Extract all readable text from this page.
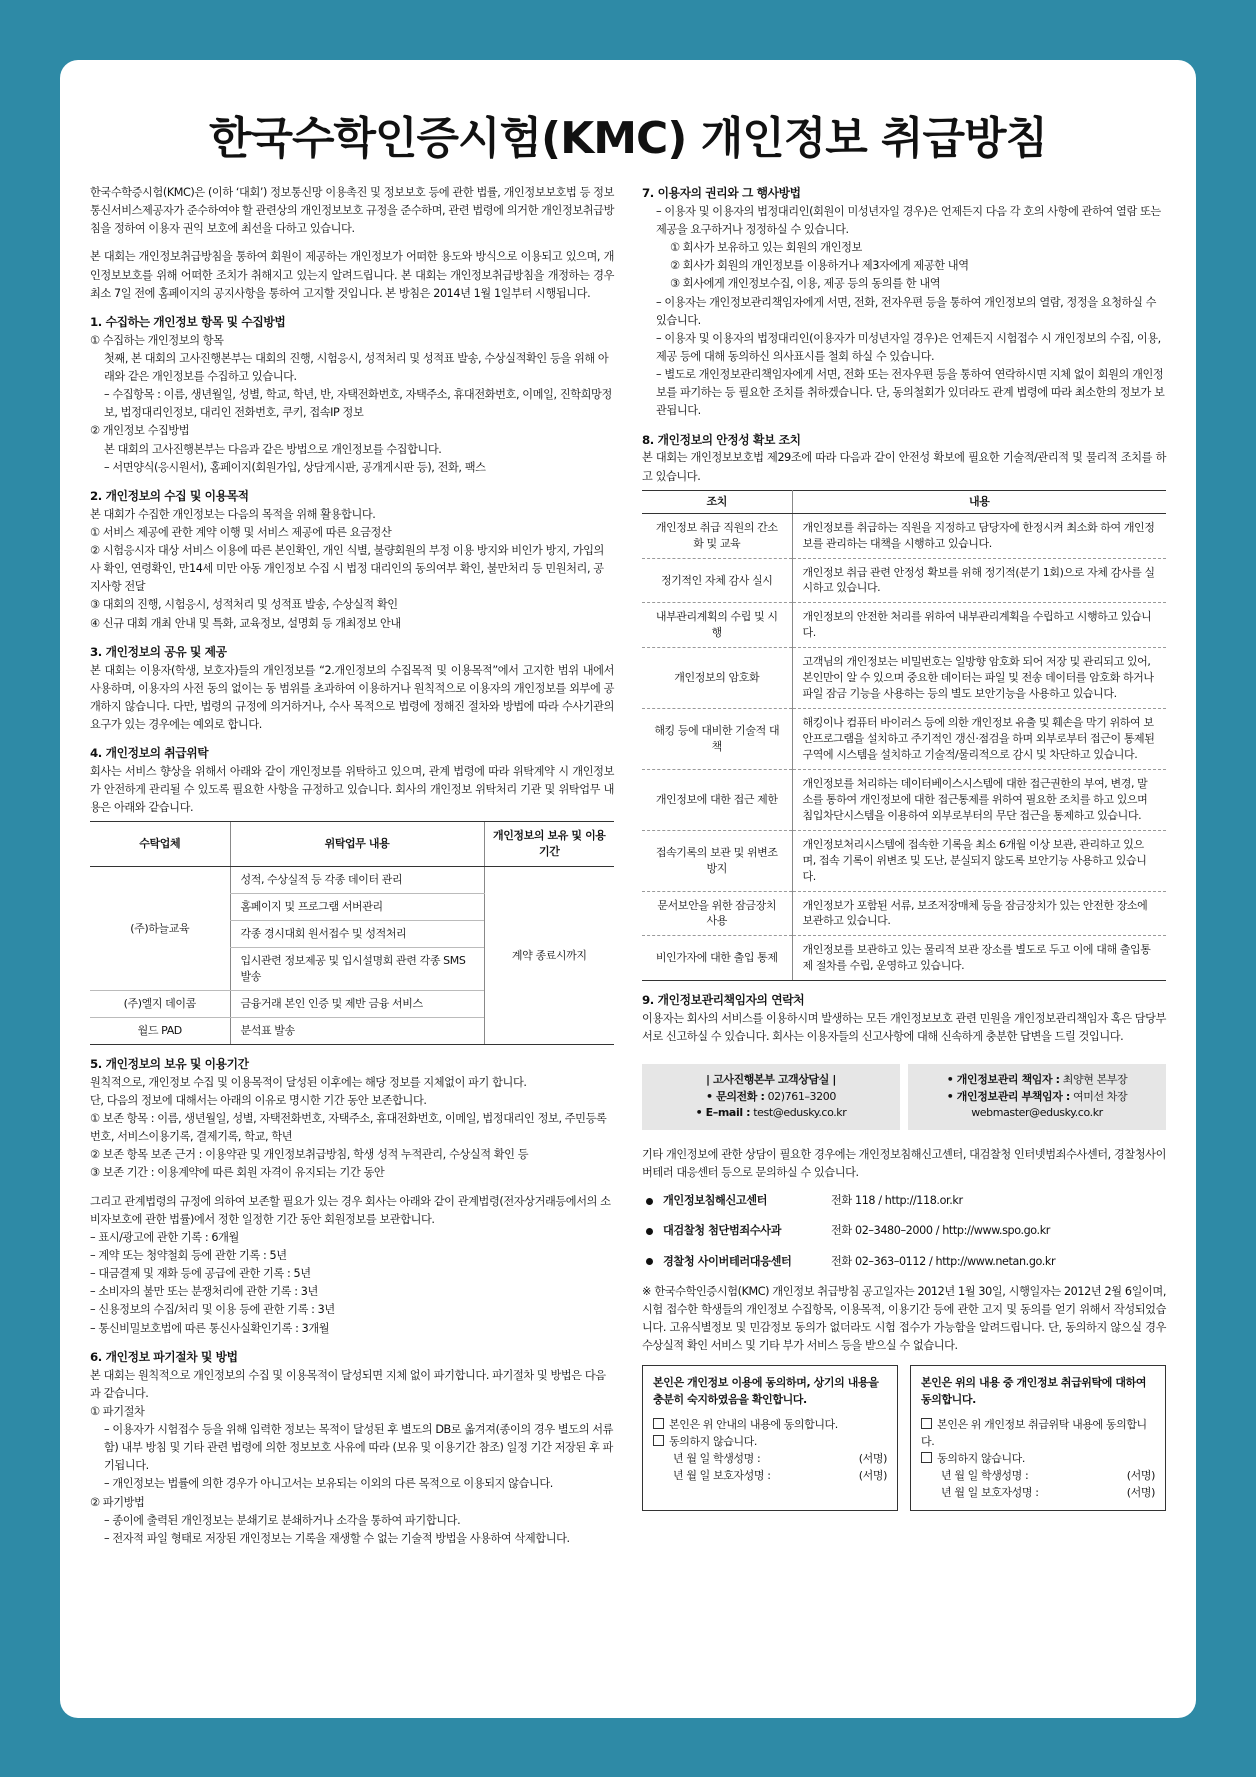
한국수학인증시험(KMC) 개인정보 취급방침

한국수학증시험(KMC)은 (이하 ‘대회’) 정보통신망 이용촉진 및 정보보호 등에 관한 법률, 개인정보보호법 등 정보통신서비스제공자가 준수하여야 할 관련상의 개인정보보호 규정을 준수하며, 관련 법령에 의거한 개인정보취급방침을 정하여 이용자 권익 보호에 최선을 다하고 있습니다.

본 대회는 개인정보취급방침을 통하여 회원이 제공하는 개인정보가 어떠한 용도와 방식으로 이용되고 있으며, 개인정보보호를 위해 어떠한 조치가 취해지고 있는지 알려드립니다. 본 대회는 개인정보취급방침을 개정하는 경우 최소 7일 전에 홈페이지의 공지사항을 통하여 고지할 것입니다. 본 방침은 2014년 1월 1일부터 시행됩니다.

1. 수집하는 개인정보 항목 및 수집방법
① 수집하는 개인정보의 항목
첫째, 본 대회의 고사진행본부는 대회의 진행, 시험응시, 성적처리 및 성적표 발송, 수상실적확인 등을 위해 아래와 같은 개인정보를 수집하고 있습니다.
– 수집항목 : 이름, 생년월일, 성별, 학교, 학년, 반, 자택전화번호, 자택주소, 휴대전화번호, 이메일, 진학희망정보, 법정대리인정보, 대리인 전화번호, 쿠키, 접속IP 정보
② 개인정보 수집방법
본 대회의 고사진행본부는 다음과 같은 방법으로 개인정보를 수집합니다.
– 서면양식(응시원서), 홈페이지(회원가입, 상담게시판, 공개게시판 등), 전화, 팩스
2. 개인정보의 수집 및 이용목적
본 대회가 수집한 개인정보는 다음의 목적을 위해 활용합니다.
① 서비스 제공에 관한 계약 이행 및 서비스 제공에 따른 요금정산
② 시험응시자 대상 서비스 이용에 따른 본인확인, 개인 식별, 불량회원의 부정 이용 방지와 비인가 방지, 가입의사 확인, 연령확인, 만14세 미만 아동 개인정보 수집 시 법정 대리인의 동의여부 확인, 불만처리 등 민원처리, 공지사항 전달
③ 대회의 진행, 시험응시, 성적처리 및 성적표 발송, 수상실적 확인
④ 신규 대회 개최 안내 및 특화, 교육정보, 설명회 등 개최정보 안내
3. 개인정보의 공유 및 제공

본 대회는 이용자(학생, 보호자)들의 개인정보를 “2.개인정보의 수집목적 및 이용목적”에서 고지한 범위 내에서 사용하며, 이용자의 사전 동의 없이는 동 범위를 초과하여 이용하거나 원칙적으로 이용자의 개인정보를 외부에 공개하지 않습니다. 다만, 법령의 규정에 의거하거나, 수사 목적으로 법령에 정해진 절차와 방법에 따라 수사기관의 요구가 있는 경우에는 예외로 합니다.

4. 개인정보의 취급위탁

회사는 서비스 향상을 위해서 아래와 같이 개인정보를 위탁하고 있으며, 관계 법령에 따라 위탁계약 시 개인정보가 안전하게 관리될 수 있도록 필요한 사항을 규정하고 있습니다. 회사의 개인정보 위탁처리 기관 및 위탁업무 내용은 아래와 같습니다.

수탁업체	위탁업무 내용	개인정보의 보유 및 이용기간
(주)하늘교육	성적, 수상실적 등 각종 데이터 관리	계약 종료시까지
	홈페이지 및 프로그램 서버관리	
	각종 경시대회 원서접수 및 성적처리	
	입시관련 정보제공 및 입시설명회 관련 각종 SMS발송	
(주)엘지 데이콤	금융거래 본인 인증 및 제반 금융 서비스	
월드 PAD	분석표 발송	
5. 개인정보의 보유 및 이용기간
원칙적으로, 개인정보 수집 및 이용목적이 달성된 이후에는 해당 정보를 지체없이 파기 합니다.
단, 다음의 정보에 대해서는 아래의 이유로 명시한 기간 동안 보존합니다.
① 보존 항목 : 이름, 생년월일, 성별, 자택전화번호, 자택주소, 휴대전화번호, 이메일, 법정대리인 정보, 주민등록번호, 서비스이용기록, 결제기록, 학교, 학년
② 보존 항목 보존 근거 : 이용약관 및 개인정보취급방침, 학생 성적 누적관리, 수상실적 확인 등
③ 보존 기간 : 이용계약에 따른 회원 자격이 유지되는 기간 동안
그리고 관계법령의 규정에 의하여 보존할 필요가 있는 경우 회사는 아래와 같이 관계법령(전자상거래등에서의 소비자보호에 관한 법률)에서 정한 일정한 기간 동안 회원정보를 보관합니다.
– 표시/광고에 관한 기록 : 6개월
– 계약 또는 청약철회 등에 관한 기록 : 5년
– 대금결제 및 재화 등에 공급에 관한 기록 : 5년
– 소비자의 불만 또는 분쟁처리에 관한 기록 : 3년
– 신용정보의 수집/처리 및 이용 등에 관한 기록 : 3년
– 통신비밀보호법에 따른 통신사실확인기록 : 3개월
6. 개인정보 파기절차 및 방법
본 대회는 원칙적으로 개인정보의 수집 및 이용목적이 달성되면 지체 없이 파기합니다. 파기절차 및 방법은 다음과 같습니다.
① 파기절차
– 이용자가 시험접수 등을 위해 입력한 정보는 목적이 달성된 후 별도의 DB로 옮겨져(종이의 경우 별도의 서류함) 내부 방침 및 기타 관련 법령에 의한 정보보호 사유에 따라 (보유 및 이용기간 참조) 일정 기간 저장된 후 파기됩니다.
– 개인정보는 법률에 의한 경우가 아니고서는 보유되는 이외의 다른 목적으로 이용되지 않습니다.
② 파기방법
– 종이에 출력된 개인정보는 분쇄기로 분쇄하거나 소각을 통하여 파기합니다.
– 전자적 파일 형태로 저장된 개인정보는 기록을 재생할 수 없는 기술적 방법을 사용하여 삭제합니다.
7. 이용자의 권리와 그 행사방법
– 이용자 및 이용자의 법정대리인(회원이 미성년자일 경우)은 언제든지 다음 각 호의 사항에 관하여 열람 또는 제공을 요구하거나 정정하실 수 있습니다.
① 회사가 보유하고 있는 회원의 개인정보
② 회사가 회원의 개인정보를 이용하거나 제3자에게 제공한 내역
③ 회사에게 개인정보수집, 이용, 제공 등의 동의를 한 내역
– 이용자는 개인정보관리책임자에게 서면, 전화, 전자우편 등을 통하여 개인정보의 열람, 정정을 요청하실 수 있습니다.
– 이용자 및 이용자의 법정대리인(이용자가 미성년자일 경우)은 언제든지 시험접수 시 개인정보의 수집, 이용, 제공 등에 대해 동의하신 의사표시를 철회 하실 수 있습니다.
– 별도로 개인정보관리책임자에게 서면, 전화 또는 전자우편 등을 통하여 연락하시면 지체 없이 회원의 개인정보를 파기하는 등 필요한 조치를 취하겠습니다. 단, 동의철회가 있더라도 관계 법령에 따라 최소한의 정보가 보관됩니다.
8. 개인정보의 안정성 확보 조치

본 대회는 개인정보보호법 제29조에 따라 다음과 같이 안전성 확보에 필요한 기술적/관리적 및 물리적 조치를 하고 있습니다.

조치	내용
개인정보 취급 직원의 간소화 및 교육	개인정보를 취급하는 직원을 지정하고 담당자에 한정시켜 최소화 하여 개인정보를 관리하는 대책을 시행하고 있습니다.
정기적인 자체 감사 실시	개인정보 취급 관련 안정성 확보를 위해 정기적(분기 1회)으로 자체 감사를 실시하고 있습니다.
내부관리계획의 수립 및 시행	개인정보의 안전한 처리를 위하여 내부관리계획을 수립하고 시행하고 있습니다.
개인정보의 암호화	고객님의 개인정보는 비밀번호는 일방향 암호화 되어 저장 및 관리되고 있어, 본인만이 알 수 있으며 중요한 데이터는 파일 및 전송 데이터를 암호화 하거나 파일 잠금 기능을 사용하는 등의 별도 보안기능을 사용하고 있습니다.
해킹 등에 대비한 기술적 대책	해킹이나 컴퓨터 바이러스 등에 의한 개인정보 유출 및 훼손을 막기 위하여 보안프로그램을 설치하고 주기적인 갱신·점검을 하며 외부로부터 접근이 통제된 구역에 시스템을 설치하고 기술적/물리적으로 감시 및 차단하고 있습니다.
개인정보에 대한 접근 제한	개인정보를 처리하는 데이터베이스시스템에 대한 접근권한의 부여, 변경, 말소를 통하여 개인정보에 대한 접근통제를 위하여 필요한 조치를 하고 있으며 침입차단시스템을 이용하여 외부로부터의 무단 접근을 통제하고 있습니다.
접속기록의 보관 및 위변조 방지	개인정보처리시스템에 접속한 기록을 최소 6개월 이상 보관, 관리하고 있으며, 접속 기록이 위변조 및 도난, 분실되지 않도록 보안기능 사용하고 있습니다.
문서보안을 위한 잠금장치 사용	개인정보가 포함된 서류, 보조저장매체 등을 잠금장치가 있는 안전한 장소에 보관하고 있습니다.
비인가자에 대한 출입 통제	개인정보를 보관하고 있는 물리적 보관 장소를 별도로 두고 이에 대해 출입통제 절차를 수립, 운영하고 있습니다.
9. 개인정보관리책임자의 연락처

이용자는 회사의 서비스를 이용하시며 발생하는 모든 개인정보보호 관련 민원을 개인정보관리책임자 혹은 담당부서로 신고하실 수 있습니다. 회사는 이용자들의 신고사항에 대해 신속하게 충분한 답변을 드릴 것입니다.

| 고사진행본부 고객상담실 |
• 문의전화 : 02)761–3200
• E–mail : test@edusky.co.kr
• 개인정보관리 책임자 : 최양현 본부장
• 개인정보관리 부책임자 : 여미선 차장
webmaster@edusky.co.kr

기타 개인정보에 관한 상담이 필요한 경우에는 개인정보침해신고센터, 대검찰청 인터넷범죄수사센터, 경찰청사이버테러 대응센터 등으로 문의하실 수 있습니다.

개인정보침해신고센터	전화 118 / http://118.or.kr
대검찰청 첨단범죄수사과	전화 02–3480–2000 / http://www.spo.go.kr
경찰청 사이버테러대응센터	전화 02–363–0112 / http://www.netan.go.kr

※ 한국수학인증시험(KMC) 개인정보 취급방침 공고일자는 2012년 1월 30일, 시행일자는 2012년 2월 6일이며, 시험 접수한 학생들의 개인정보 수집항목, 이용목적, 이용기간 등에 관한 고지 및 동의를 얻기 위해서 작성되었습니다. 고유식별정보 및 민감정보 동의가 없더라도 시험 접수가 가능함을 알려드립니다. 단, 동의하지 않으실 경우 수상실적 확인 서비스 및 기타 부가 서비스 등을 받으실 수 없습니다.

본인은 개인정보 이용에 동의하며, 상기의 내용을 충분히 숙지하였음을 확인합니다.
본인은 위 안내의 내용에 동의합니다.
동의하지 않습니다.
년 월 일 학생성명 :	(서명)
년 월 일 보호자성명 :	(서명)
본인은 위의 내용 중 개인정보 취급위탁에 대하여 동의합니다.
본인은 위 개인정보 취급위탁 내용에 동의합니다.
동의하지 않습니다.
년 월 일 학생성명 :	(서명)
년 월 일 보호자성명 :	(서명)
